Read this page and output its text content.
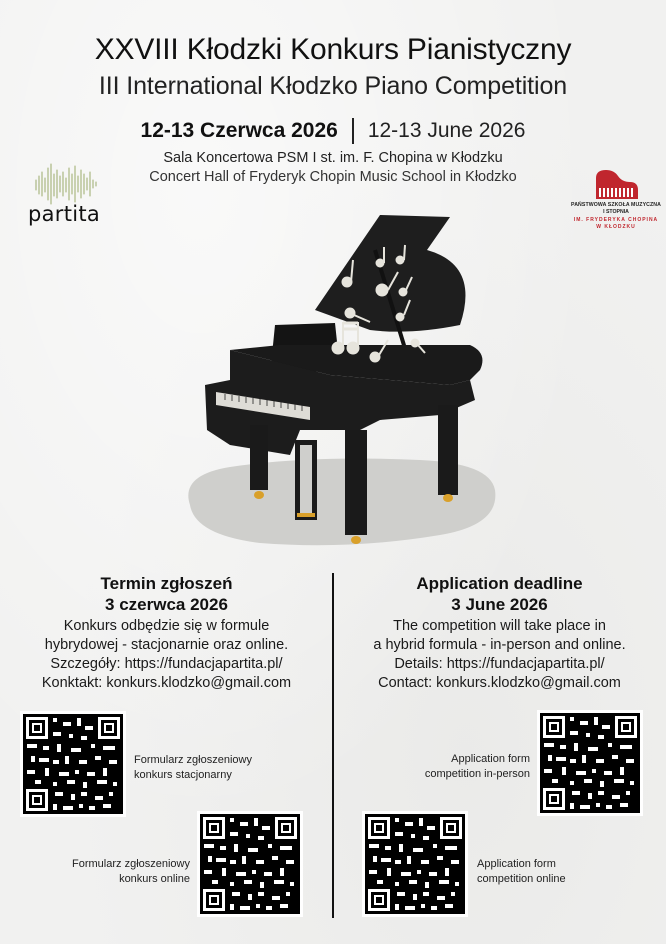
XXVIII Kłodzki Konkurs Pianistyczny
III International Kłodzko Piano Competition
12-13 Czerwca 2026 12-13 June 2026
Sala Koncertowa PSM I st. im. F. Chopina w Kłodzku
Concert Hall of Fryderyk Chopin Music School in Kłodzko
partita	PAŃSTWOWA SZKOŁA MUZYCZNA
I STOPNIA
IM. FRYDERYKA CHOPINA
W KŁODZKU
Termin zgłoszeń
3 czerwca 2026
Konkurs odbędzie się w formule
hybrydowej - stacjonarnie oraz online.
Szczegóły: https://fundacjapartita.pl/
Konktakt: konkurs.klodzko@gmail.com
Application deadline
3 June 2026
The competition will take place in
a hybrid formula - in-person and online.
Details: https://fundacjapartita.pl/
Contact: konkurs.klodzko@gmail.com
Formularz zgłoszeniowy
konkurs stacjonarny
Formularz zgłoszeniowy
konkurs online
Application form
competition in-person
Application form
competition online
